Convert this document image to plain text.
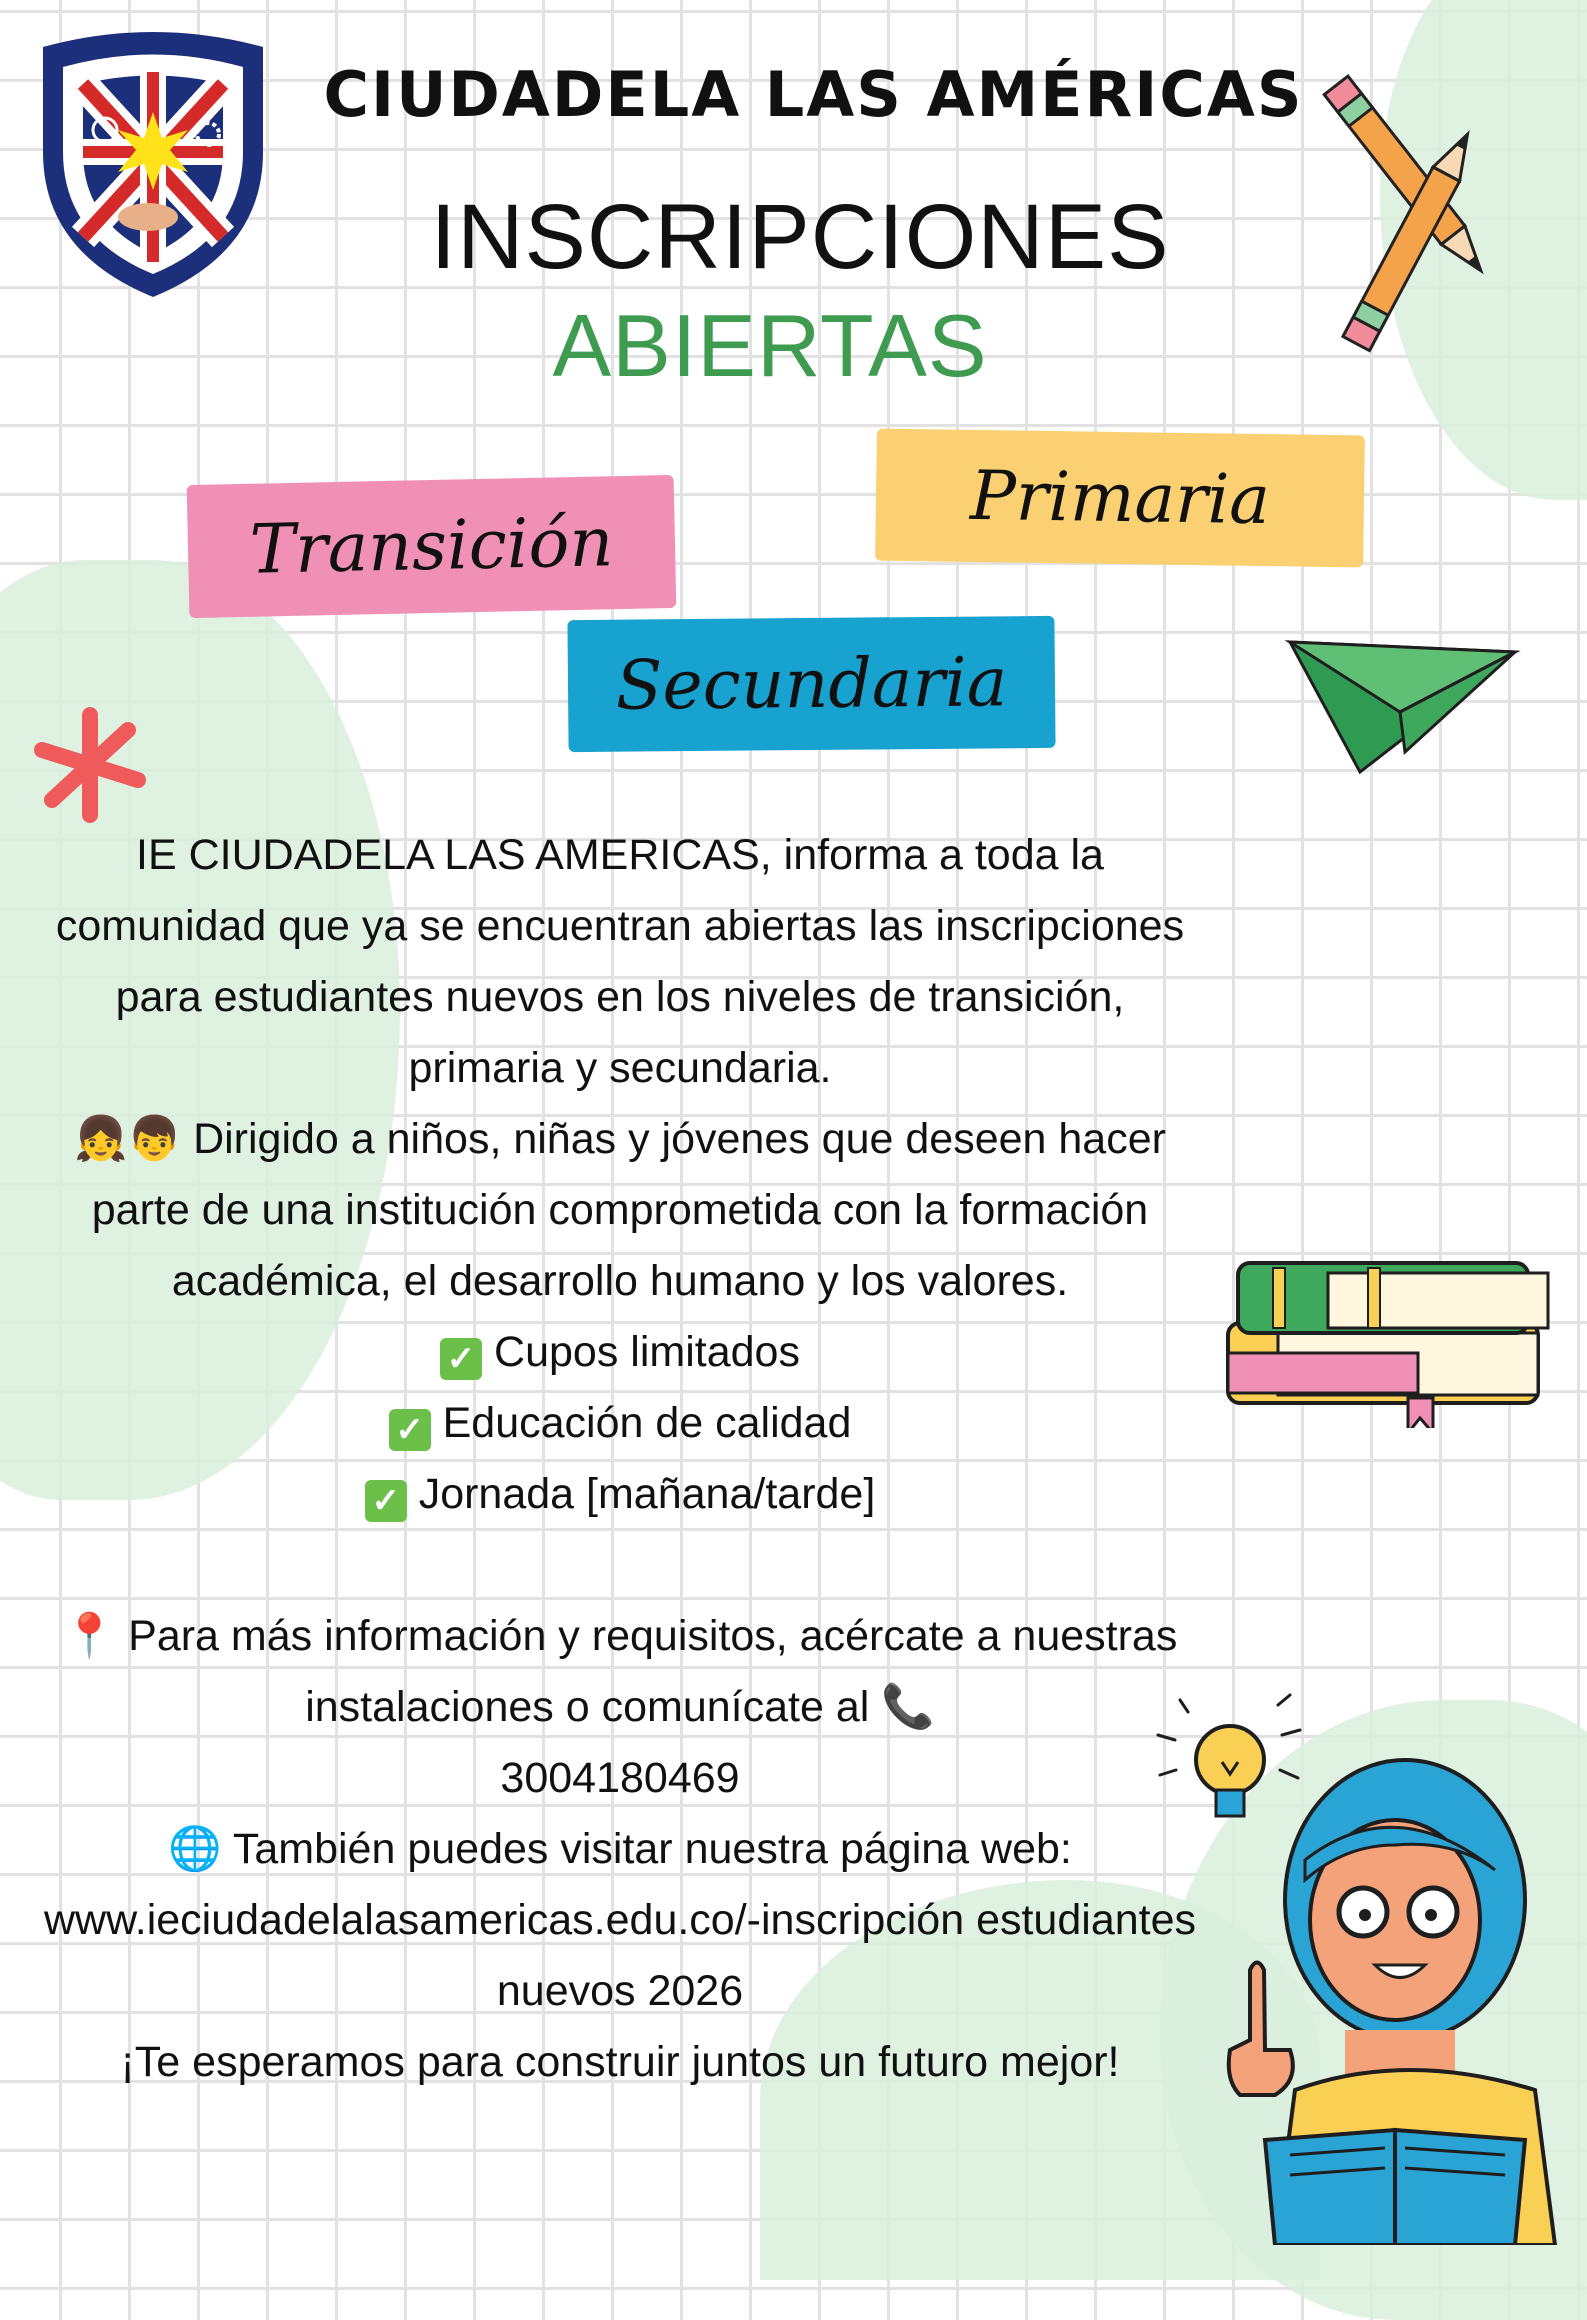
CIUDADELA LAS AMÉRICAS
INSCRIPCIONES
ABIERTAS
Transición
Primaria
Secundaria

IE CIUDADELA LAS AMERICAS, informa a toda la comunidad que ya se encuentran abiertas las inscripciones para estudiantes nuevos en los niveles de transición, primaria y secundaria.

👧👦 Dirigido a niños, niñas y jóvenes que deseen hacer parte de una institución comprometida con la formación académica, el desarrollo humano y los valores.

✓ Cupos limitados

✓ Educación de calidad

✓ Jornada [mañana/tarde]

📍 Para más información y requisitos, acércate a nuestras instalaciones o comunícate al 📞
3004180469

🌐 También puedes visitar nuestra página web:
www.ieciudadelalasamericas.edu.co/-inscripción estudiantes nuevos 2026

¡Te esperamos para construir juntos un futuro mejor!
